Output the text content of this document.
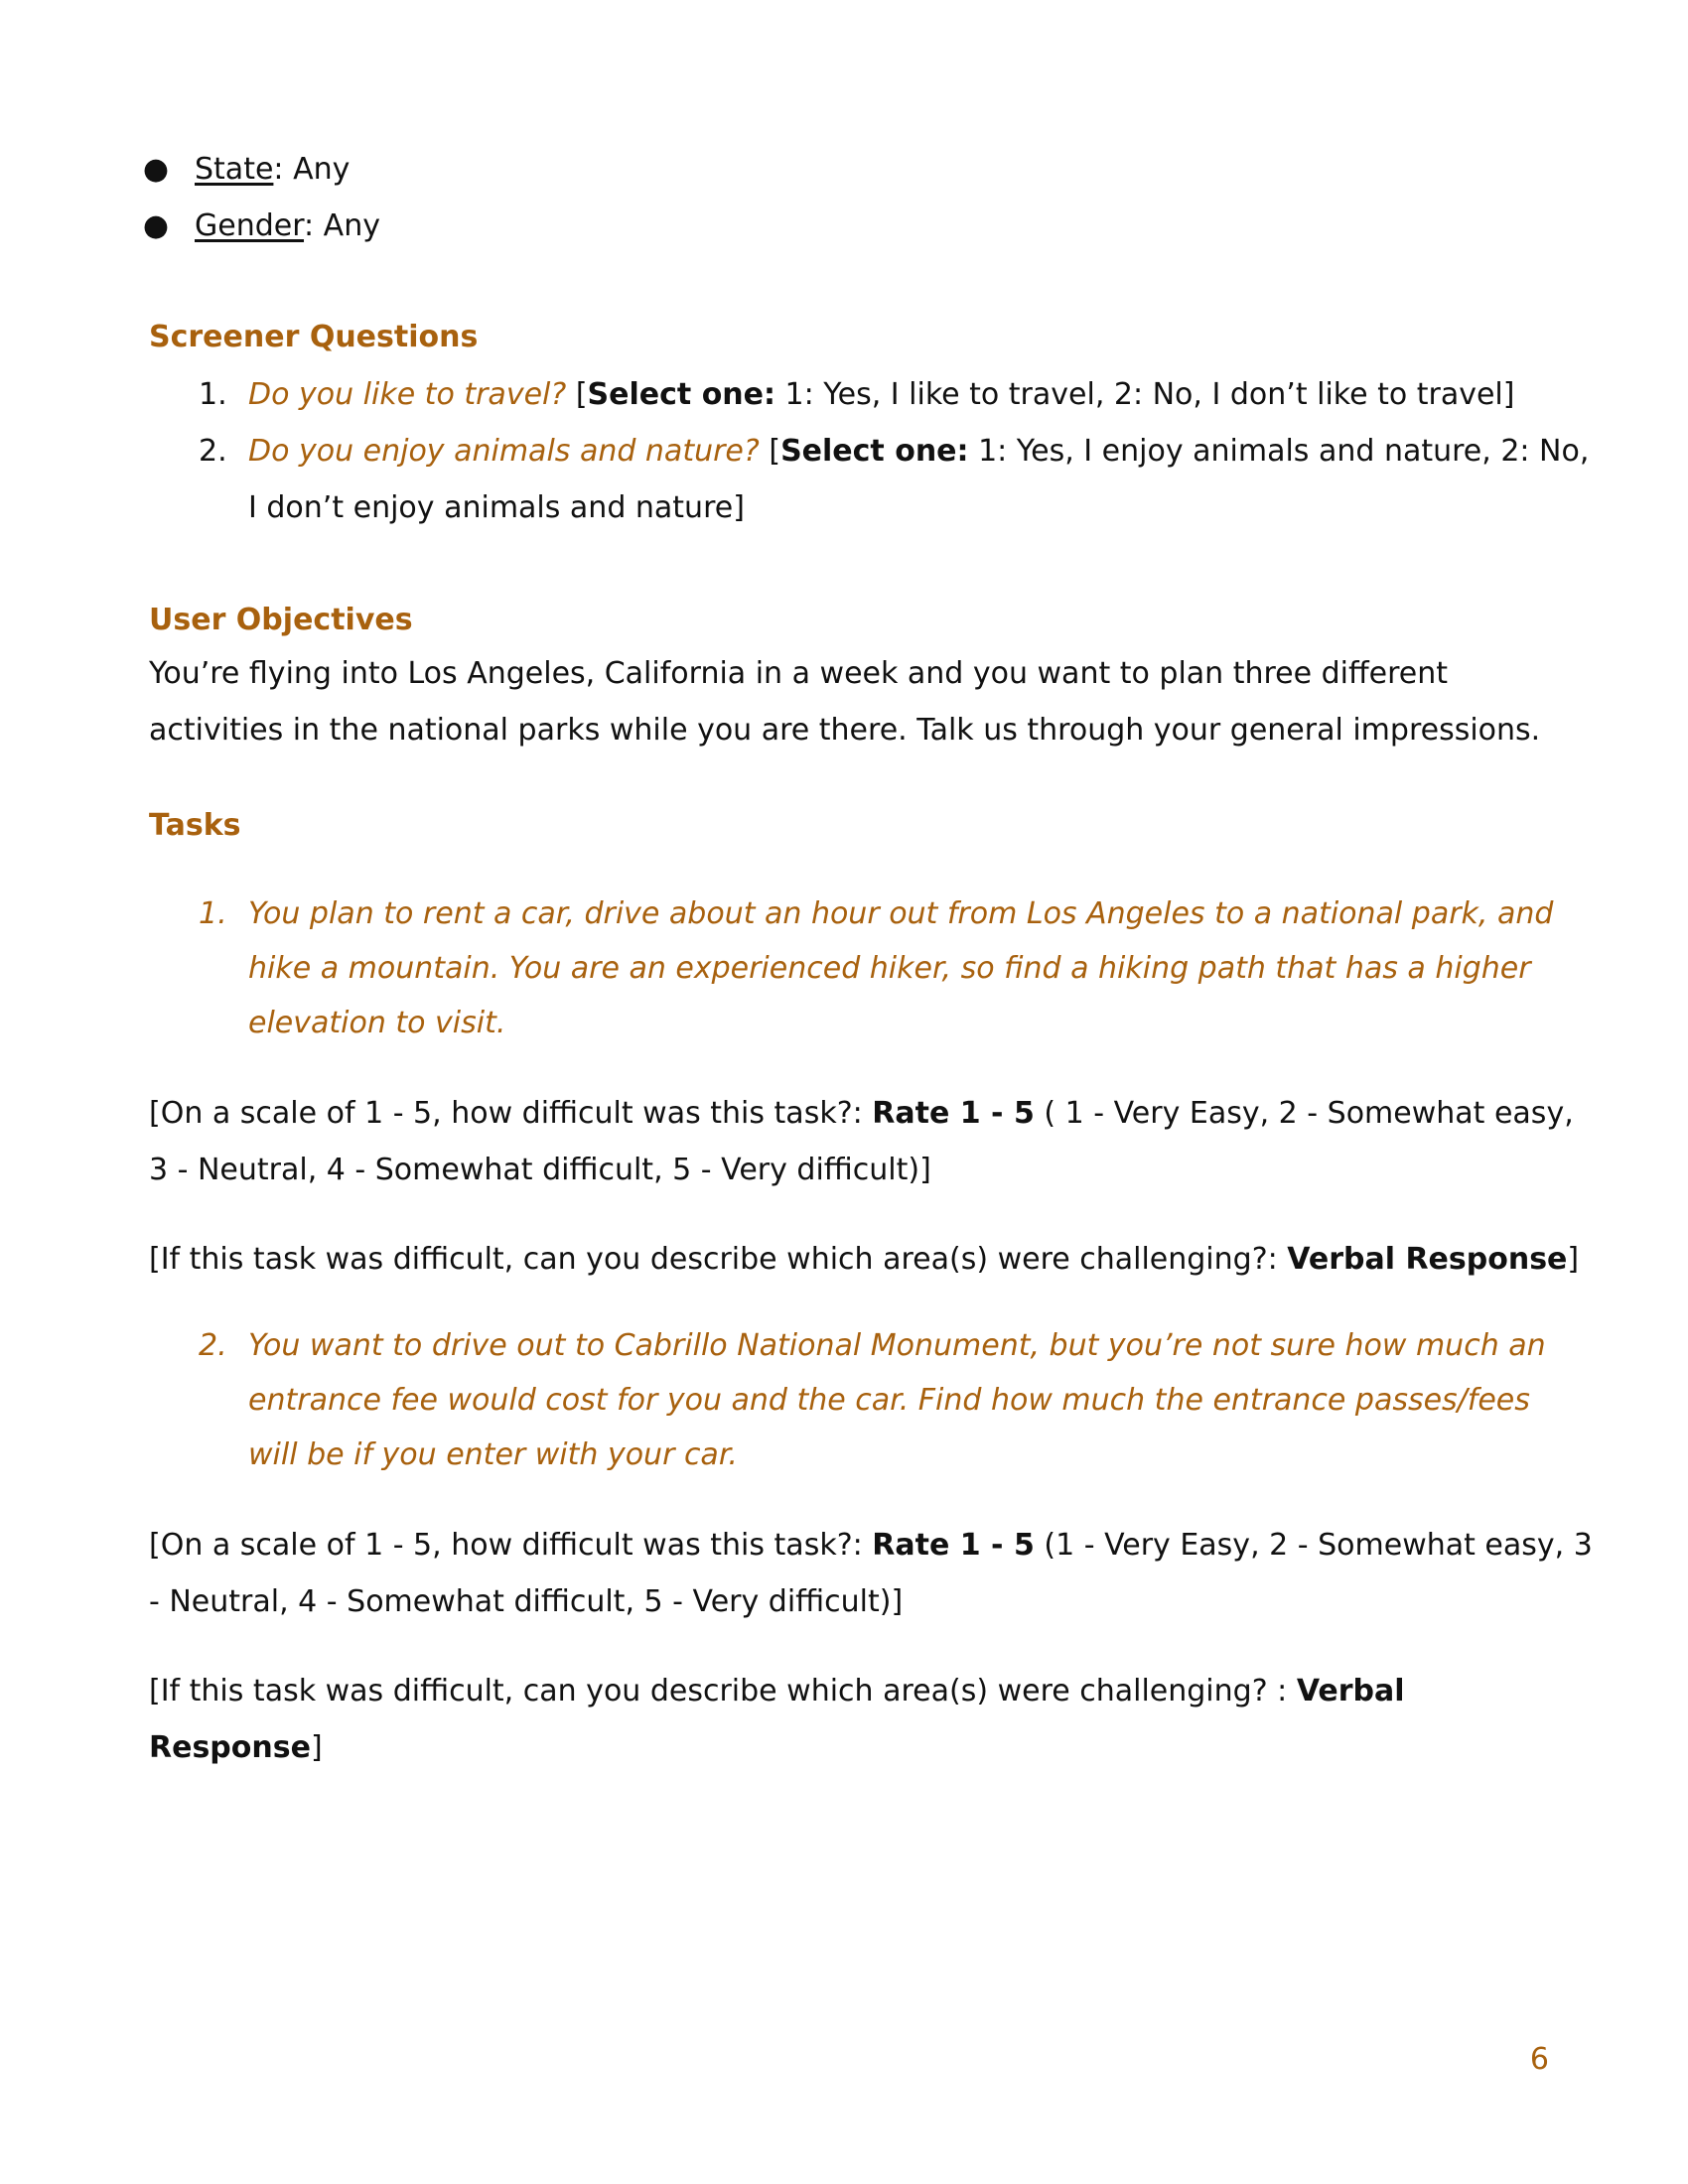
● State: Any
● Gender: Any

Screener Questions

1. Do you like to travel? [Select one: 1: Yes, I like to travel, 2: No, I don’t like to travel]

2. Do you enjoy animals and nature? [Select one: 1: Yes, I enjoy animals and nature, 2: No,

I don’t enjoy animals and nature]

User Objectives

You’re flying into Los Angeles, California in a week and you want to plan three different

activities in the national parks while you are there. Talk us through your general impressions.

Tasks

1. You plan to rent a car, drive about an hour out from Los Angeles to a national park, and

hike a mountain. You are an experienced hiker, so find a hiking path that has a higher

elevation to visit.

[On a scale of 1 - 5, how difficult was this task?: Rate 1 - 5 ( 1 - Very Easy, 2 - Somewhat easy,

3 - Neutral, 4 - Somewhat difficult, 5 - Very difficult)]

[If this task was difficult, can you describe which area(s) were challenging?: Verbal Response]

2. You want to drive out to Cabrillo National Monument, but you’re not sure how much an

entrance fee would cost for you and the car. Find how much the entrance passes/fees

will be if you enter with your car.

[On a scale of 1 - 5, how difficult was this task?: Rate 1 - 5 (1 - Very Easy, 2 - Somewhat easy, 3

- Neutral, 4 - Somewhat difficult, 5 - Very difficult)]

[If this task was difficult, can you describe which area(s) were challenging? : Verbal

Response]

6
